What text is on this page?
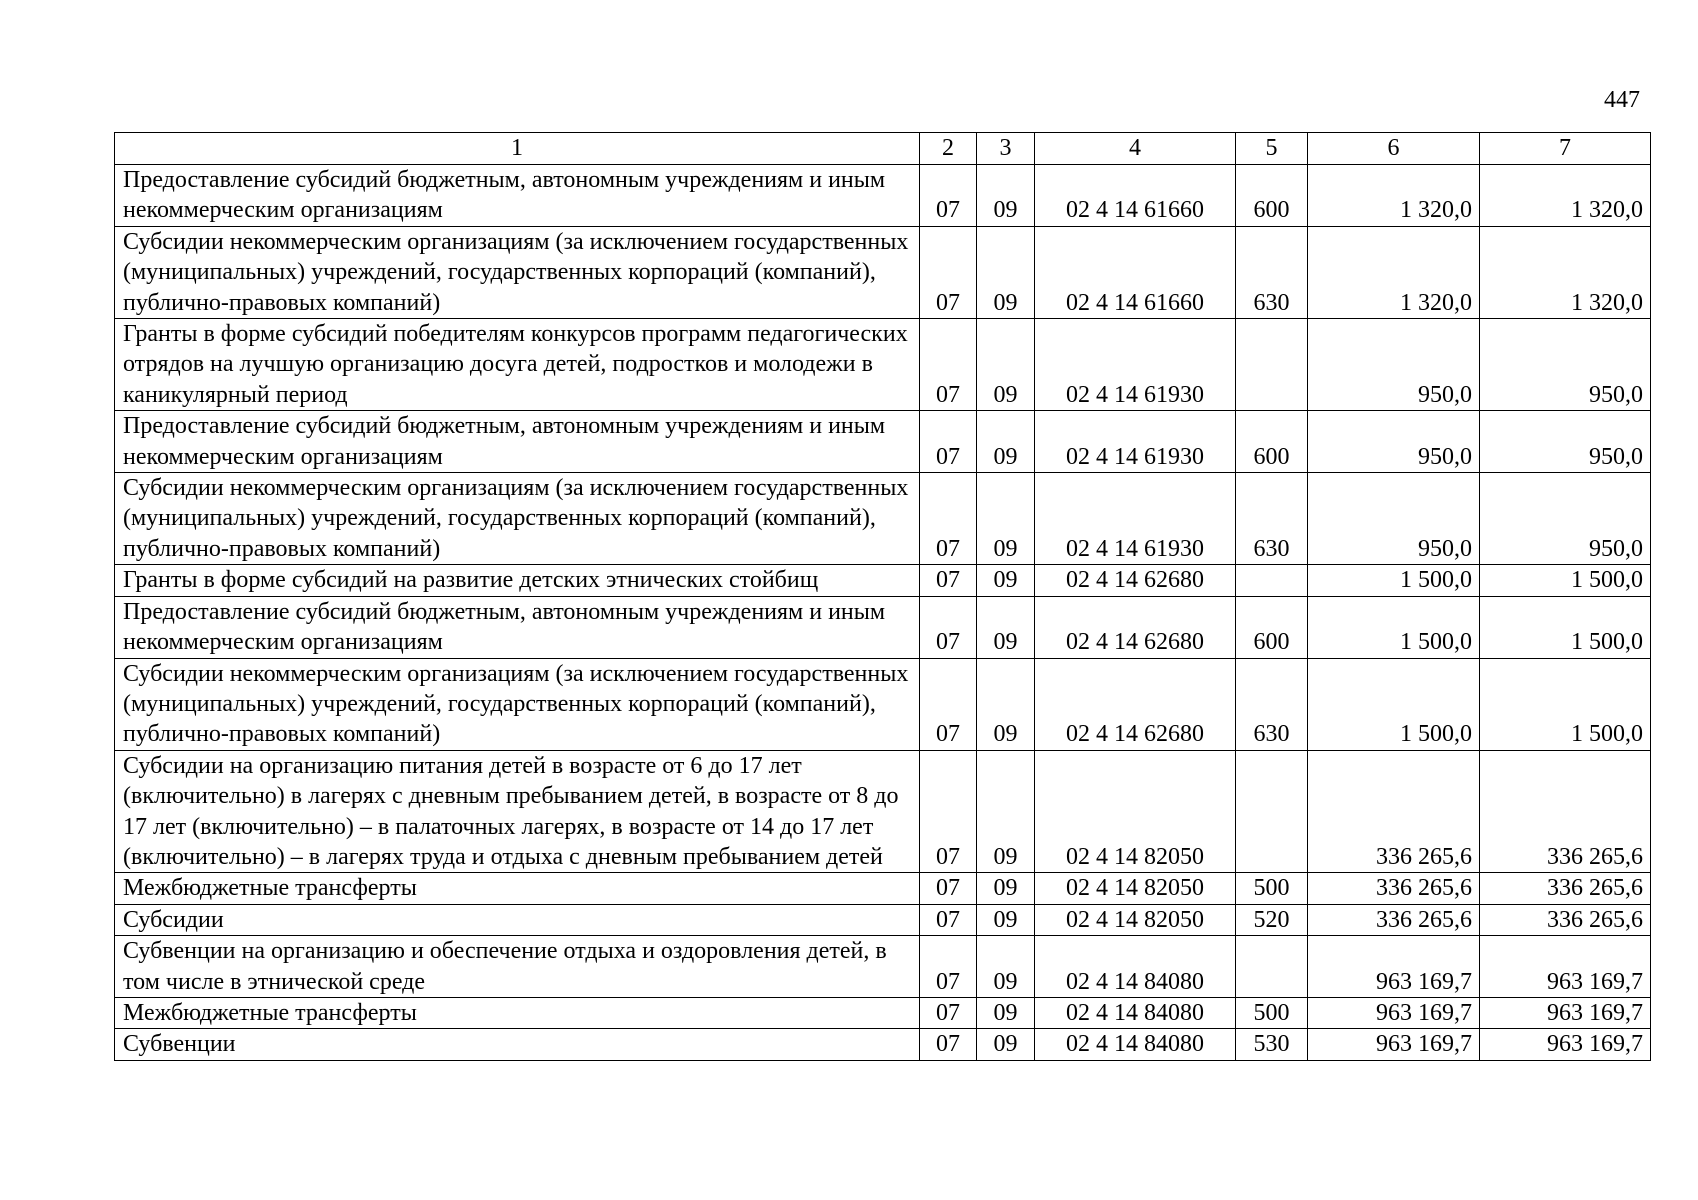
447
1	2	3	4	5	6	7
Предоставление субсидий бюджетным, автономным учреждениям и иным некоммерческим организациям	07	09	02 4 14 61660	600	1 320,0	1 320,0
Субсидии некоммерческим организациям (за исключением государственных (муниципальных) учреждений, государственных корпораций (компаний), публично-правовых компаний)	07	09	02 4 14 61660	630	1 320,0	1 320,0
Гранты в форме субсидий победителям конкурсов программ педагогических отрядов на лучшую организацию досуга детей, подростков и молодежи в каникулярный период	07	09	02 4 14 61930		950,0	950,0
Предоставление субсидий бюджетным, автономным учреждениям и иным некоммерческим организациям	07	09	02 4 14 61930	600	950,0	950,0
Субсидии некоммерческим организациям (за исключением государственных (муниципальных) учреждений, государственных корпораций (компаний), публично-правовых компаний)	07	09	02 4 14 61930	630	950,0	950,0
Гранты в форме субсидий на развитие детских этнических стойбищ	07	09	02 4 14 62680		1 500,0	1 500,0
Предоставление субсидий бюджетным, автономным учреждениям и иным некоммерческим организациям	07	09	02 4 14 62680	600	1 500,0	1 500,0
Субсидии некоммерческим организациям (за исключением государственных (муниципальных) учреждений, государственных корпораций (компаний), публично-правовых компаний)	07	09	02 4 14 62680	630	1 500,0	1 500,0
Субсидии на организацию питания детей в возрасте от 6 до 17 лет (включительно) в лагерях с дневным пребыванием детей, в возрасте от 8 до 17 лет (включительно) – в палаточных лагерях, в возрасте от 14 до 17 лет (включительно) – в лагерях труда и отдыха с дневным пребыванием детей	07	09	02 4 14 82050		336 265,6	336 265,6
Межбюджетные трансферты	07	09	02 4 14 82050	500	336 265,6	336 265,6
Субсидии	07	09	02 4 14 82050	520	336 265,6	336 265,6
Субвенции на организацию и обеспечение отдыха и оздоровления детей, в том числе в этнической среде	07	09	02 4 14 84080		963 169,7	963 169,7
Межбюджетные трансферты	07	09	02 4 14 84080	500	963 169,7	963 169,7
Субвенции	07	09	02 4 14 84080	530	963 169,7	963 169,7
